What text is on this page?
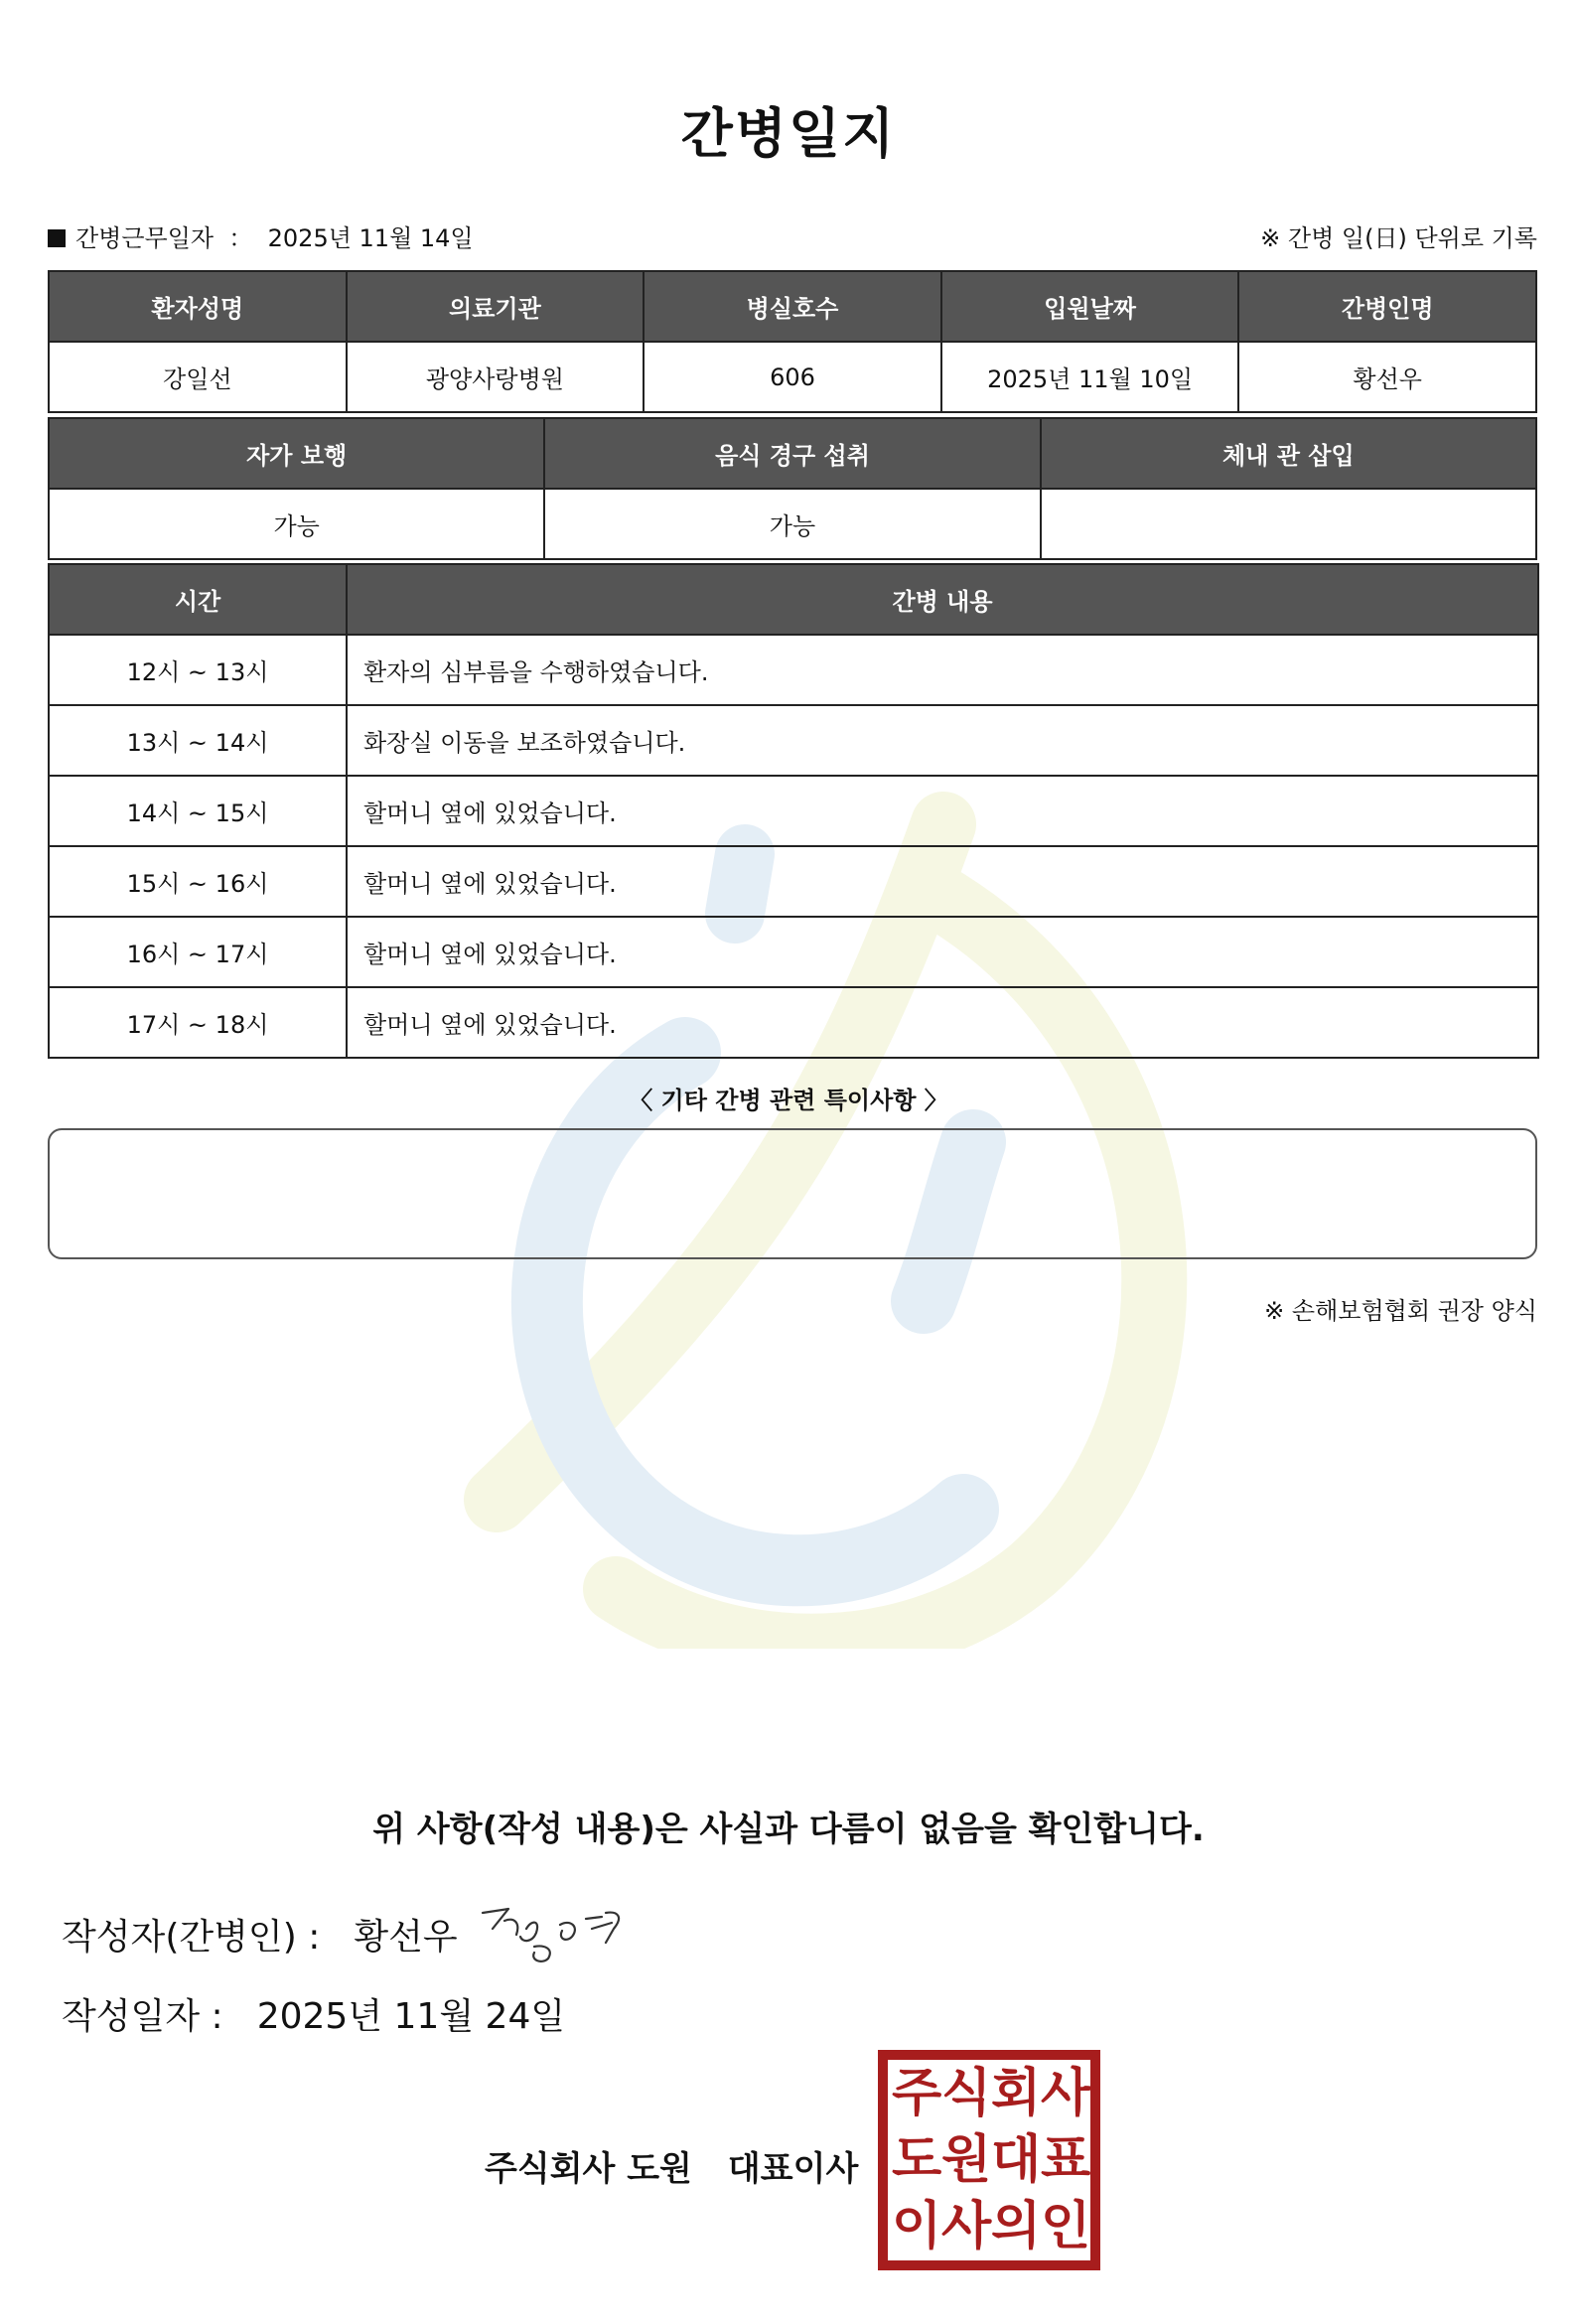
간병일지
간병근무일자 ： 2025년 11월 14일	※ 간병 일(日) 단위로 기록
환자성명	의료기관	병실호수	입원날짜	간병인명
강일선	광양사랑병원	606	2025년 11월 10일	황선우
자가 보행	음식 경구 섭취	체내 관 삽입
가능	가능	
시간	간병 내용
12시 ~ 13시	환자의 심부름을 수행하였습니다.
13시 ~ 14시	화장실 이동을 보조하였습니다.
14시 ~ 15시	할머니 옆에 있었습니다.
15시 ~ 16시	할머니 옆에 있었습니다.
16시 ~ 17시	할머니 옆에 있었습니다.
17시 ~ 18시	할머니 옆에 있었습니다.
〈 기타 간병 관련 특이사항 〉
※ 손해보험협회 권장 양식
위 사항(작성 내용)은 사실과 다름이 없음을 확인합니다.
작성자(간병인) : 황선우
작성일자 : 2025년 11월 24일
주식회사 도원 대표이사
주 식 회 사
도 원 대 표
이 사 의 인
